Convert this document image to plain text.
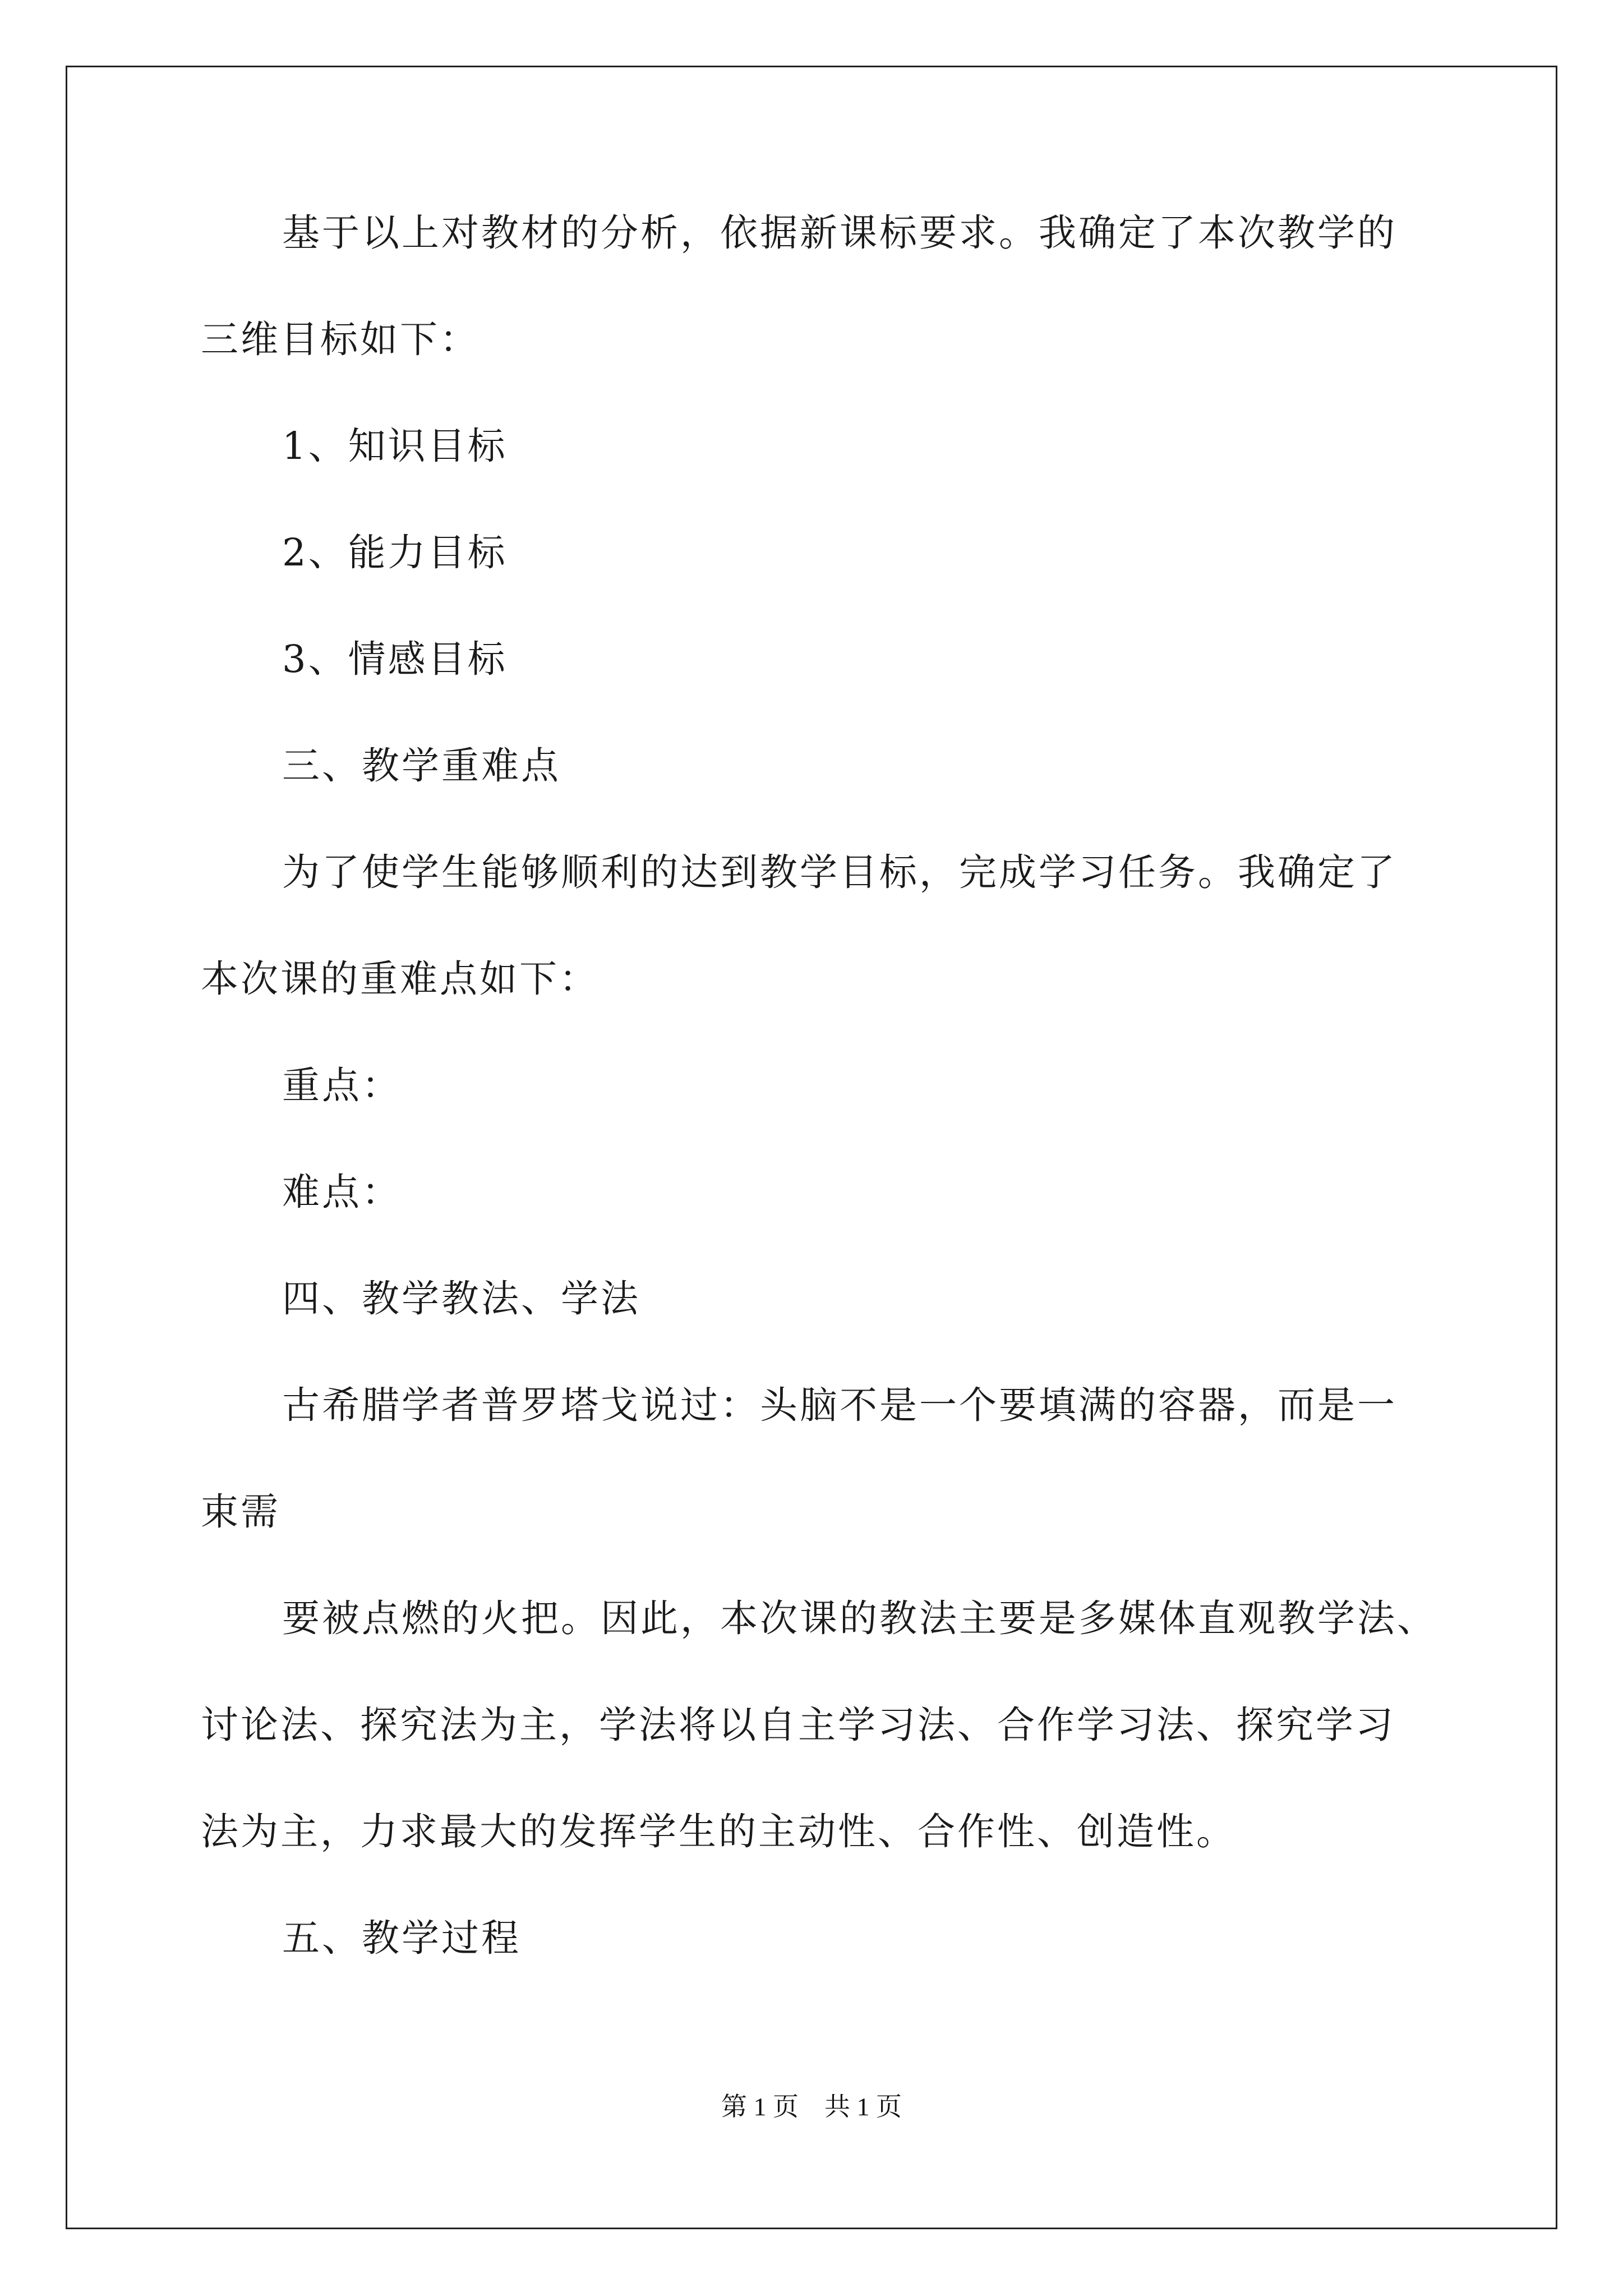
基于以上对教材的分析，依据新课标要求。我确定了本次教学的
三维目标如下：
1、知识目标
2、能力目标
3、情感目标
三、教学重难点
为了使学生能够顺利的达到教学目标，完成学习任务。我确定了
本次课的重难点如下：
重点：
难点：
四、教学教法、学法
古希腊学者普罗塔戈说过：头脑不是一个要填满的容器，而是一
束需
要被点燃的火把。因此，本次课的教法主要是多媒体直观教学法、
讨论法、探究法为主，学法将以自主学习法、合作学习法、探究学习
法为主，力求最大的发挥学生的主动性、合作性、创造性。
五、教学过程
第 1 页　共 1 页
